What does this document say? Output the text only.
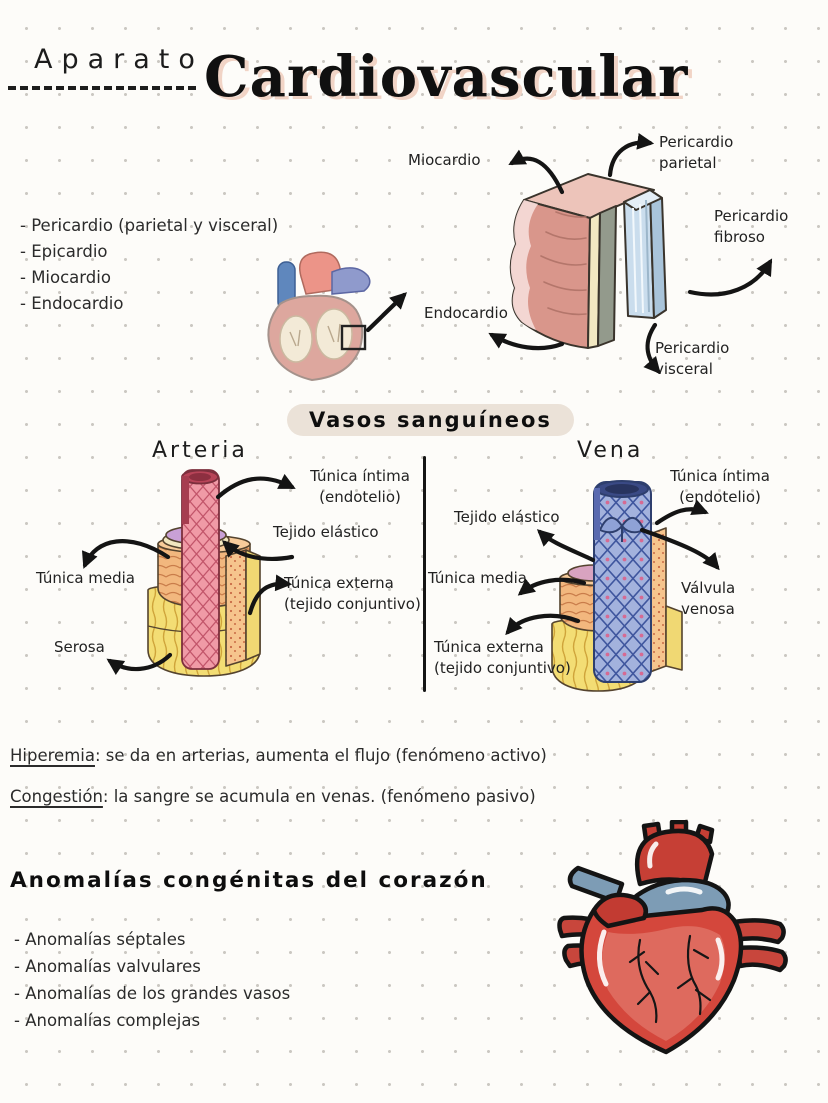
Aparato Cardiovascular
- Pericardio (parietal y visceral)
- Epicardio
- Miocardio
- Endocardio
Miocardio
Pericardio parietal
Pericardio fibroso
Endocardio
Pericardio visceral
Vasos sanguíneos
Arteria	Vena
Túnica íntima (endotelio)
Tejido elástico
Túnica externa (tejido conjuntivo)
Túnica media
Serosa
Túnica íntima (endotelio)
Tejido elástico
Túnica media
Válvula venosa
Túnica externa (tejido conjuntivo)
Hiperemia: se da en arterias, aumenta el flujo (fenómeno activo)
Congestión: la sangre se acumula en venas. (fenómeno pasivo)
Anomalías congénitas del corazón
- Anomalías séptales
- Anomalías valvulares
- Anomalías de los grandes vasos
- Anomalías complejas
